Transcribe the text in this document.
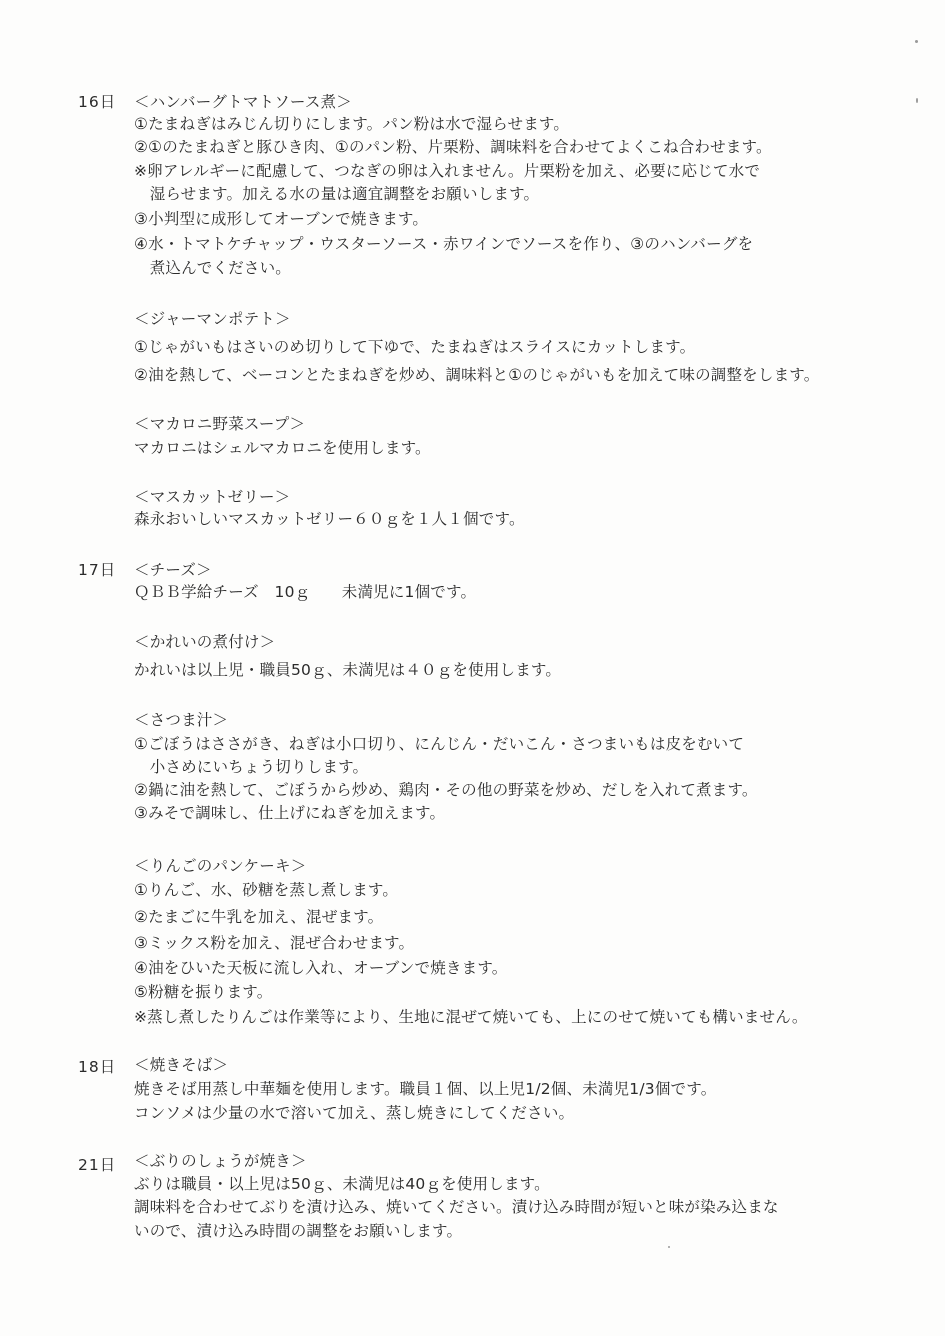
16日 ＜ハンバーグトマトソース煮＞
①たまねぎはみじん切りにします。パン粉は水で湿らせます。
②①のたまねぎと豚ひき肉、①のパン粉、片栗粉、調味料を合わせてよくこね合わせます。
※卵アレルギーに配慮して、つなぎの卵は入れません。片栗粉を加え、必要に応じて水で
　湿らせます。加える水の量は適宜調整をお願いします。
③小判型に成形してオーブンで焼きます。
④水・トマトケチャップ・ウスターソース・赤ワインでソースを作り、③のハンバーグを
　煮込んでください。
＜ジャーマンポテト＞
①じゃがいもはさいのめ切りして下ゆで、たまねぎはスライスにカットします。
②油を熱して、ベーコンとたまねぎを炒め、調味料と①のじゃがいもを加えて味の調整をします。
＜マカロニ野菜スープ＞
マカロニはシェルマカロニを使用します。
＜マスカットゼリー＞
森永おいしいマスカットゼリー６０ｇを１人１個です。
17日 ＜チーズ＞
ＱＢＢ学給チーズ　10ｇ　　未満児に1個です。
＜かれいの煮付け＞
かれいは以上児・職員50ｇ、未満児は４０ｇを使用します。
＜さつま汁＞
①ごぼうはささがき、ねぎは小口切り、にんじん・だいこん・さつまいもは皮をむいて
　小さめにいちょう切りします。
②鍋に油を熱して、ごぼうから炒め、鶏肉・その他の野菜を炒め、だしを入れて煮ます。
③みそで調味し、仕上げにねぎを加えます。
＜りんごのパンケーキ＞
①りんご、水、砂糖を蒸し煮します。
②たまごに牛乳を加え、混ぜます。
③ミックス粉を加え、混ぜ合わせます。
④油をひいた天板に流し入れ、オーブンで焼きます。
⑤粉糖を振ります。
※蒸し煮したりんごは作業等により、生地に混ぜて焼いても、上にのせて焼いても構いません。
18日 ＜焼きそば＞
焼きそば用蒸し中華麺を使用します。職員１個、以上児1/2個、未満児1/3個です。
コンソメは少量の水で溶いて加え、蒸し焼きにしてください。
21日 ＜ぶりのしょうが焼き＞
ぶりは職員・以上児は50ｇ、未満児は40ｇを使用します。
調味料を合わせてぶりを漬け込み、焼いてください。漬け込み時間が短いと味が染み込まな
いので、漬け込み時間の調整をお願いします。
